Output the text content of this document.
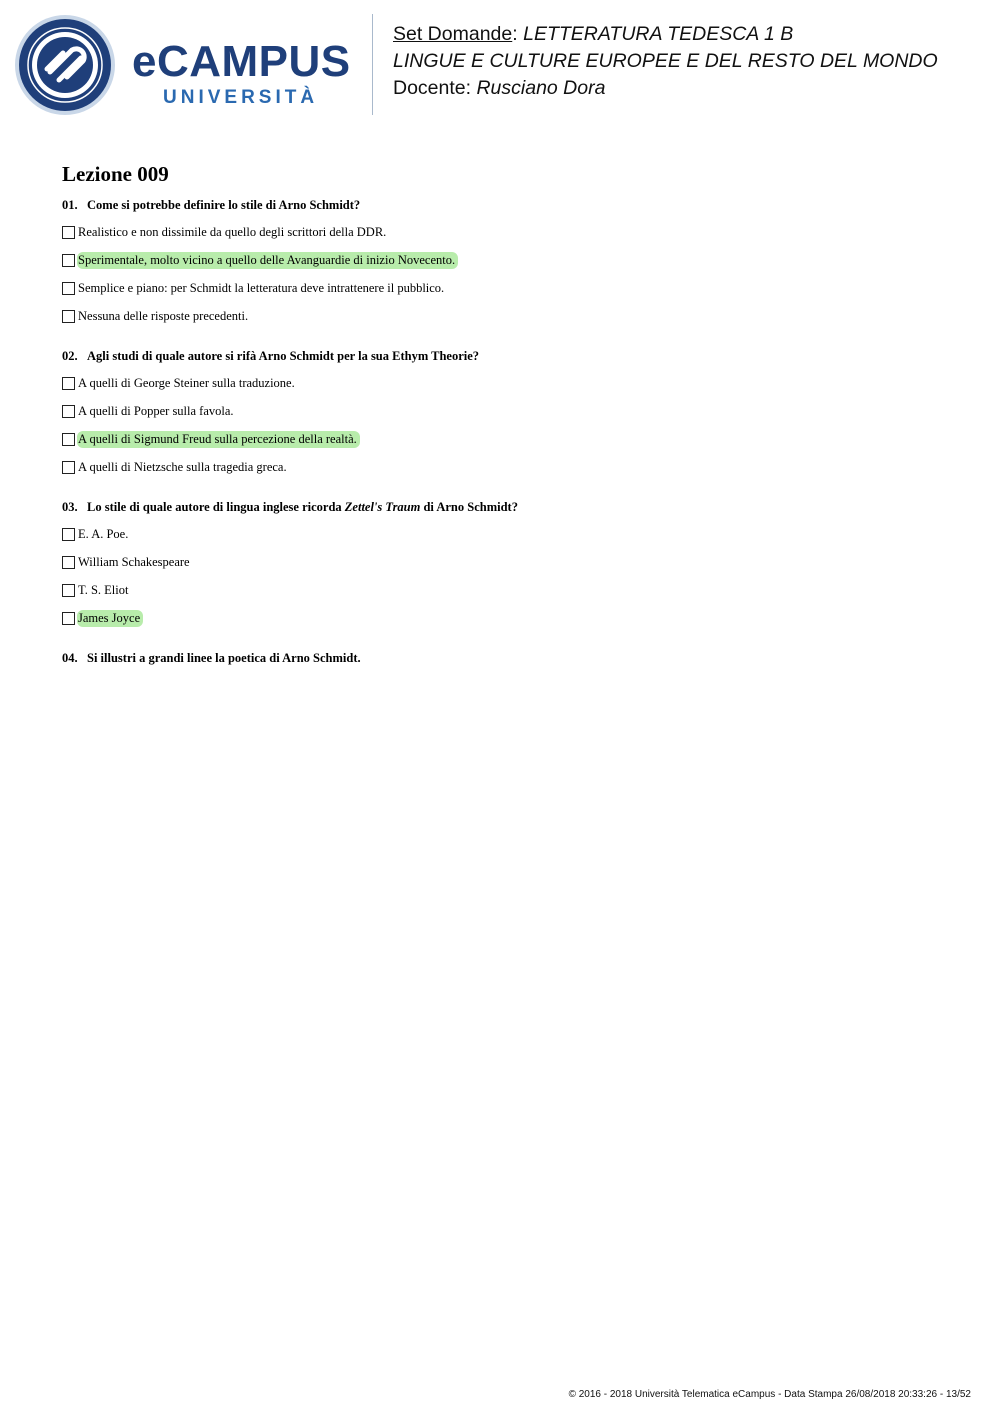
eCAMPUS
UNIVERSITÀ
Set Domande: LETTERATURA TEDESCA 1 B
LINGUE E CULTURE EUROPEE E DEL RESTO DEL MONDO
Docente: Rusciano Dora
Lezione 009
01. Come si potrebbe definire lo stile di Arno Schmidt?
Realistico e non dissimile da quello degli scrittori della DDR.
Sperimentale, molto vicino a quello delle Avanguardie di inizio Novecento.
Semplice e piano: per Schmidt la letteratura deve intrattenere il pubblico.
Nessuna delle risposte precedenti.
02. Agli studi di quale autore si rifà Arno Schmidt per la sua Ethym Theorie?
A quelli di George Steiner sulla traduzione.
A quelli di Popper sulla favola.
A quelli di Sigmund Freud sulla percezione della realtà.
A quelli di Nietzsche sulla tragedia greca.
03. Lo stile di quale autore di lingua inglese ricorda Zettel's Traum di Arno Schmidt?
E. A. Poe.
William Schakespeare
T. S. Eliot
James Joyce
04. Si illustri a grandi linee la poetica di Arno Schmidt.
© 2016 - 2018 Università Telematica eCampus - Data Stampa 26/08/2018 20:33:26 - 13/52
